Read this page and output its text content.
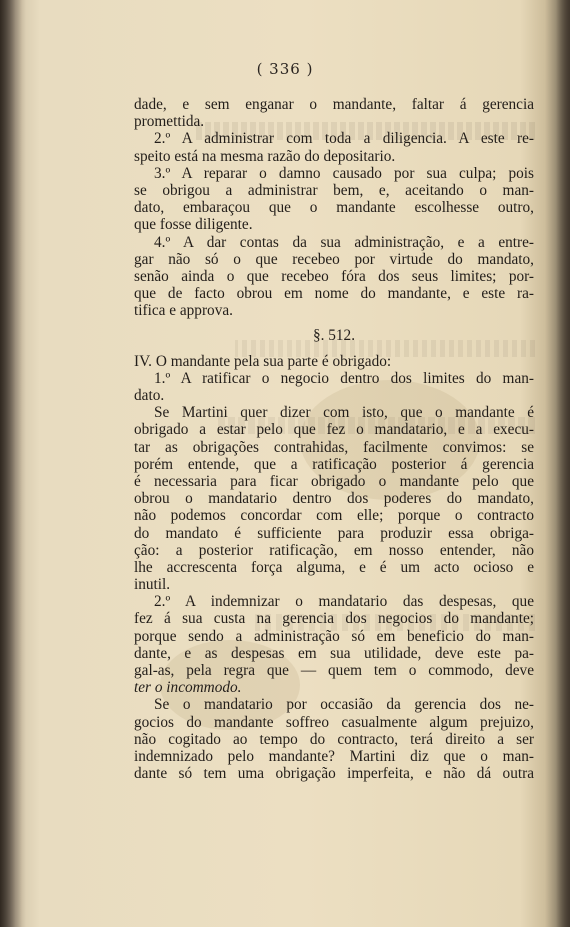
( 336 )
dade, e sem enganar o mandante, faltar á gerencia
promettida.
2.º A administrar com toda a diligencia. A este re-
speito está na mesma razão do depositario.
3.º A reparar o damno causado por sua culpa; pois
se obrigou a administrar bem, e, aceitando o man-
dato, embaraçou que o mandante escolhesse outro,
que fosse diligente.
4.º A dar contas da sua administração, e a entre-
gar não só o que recebeo por virtude do mandato,
senão ainda o que recebeo fóra dos seus limites; por-
que de facto obrou em nome do mandante, e este ra-
tifica e approva.
§. 512.
IV. O mandante pela sua parte é obrigado:
1.º A ratificar o negocio dentro dos limites do man-
dato.
Se Martini quer dizer com isto, que o mandante é
obrigado a estar pelo que fez o mandatario, e a execu-
tar as obrigações contrahidas, facilmente convimos: se
porém entende, que a ratificação posterior á gerencia
é necessaria para ficar obrigado o mandante pelo que
obrou o mandatario dentro dos poderes do mandato,
não podemos concordar com elle; porque o contracto
do mandato é sufficiente para produzir essa obriga-
ção: a posterior ratificação, em nosso entender, não
lhe accrescenta força alguma, e é um acto ocioso e
inutil.
2.º A indemnizar o mandatario das despesas, que
fez á sua custa na gerencia dos negocios do mandante;
porque sendo a administração só em beneficio do man-
dante, e as despesas em sua utilidade, deve este pa-
gal-as, pela regra que — quem tem o commodo, deve
ter o incommodo.
Se o mandatario por occasião da gerencia dos ne-
gocios do mandante soffreo casualmente algum prejuizo,
não cogitado ao tempo do contracto, terá direito a ser
indemnizado pelo mandante? Martini diz que o man-
dante só tem uma obrigação imperfeita, e não dá outra
